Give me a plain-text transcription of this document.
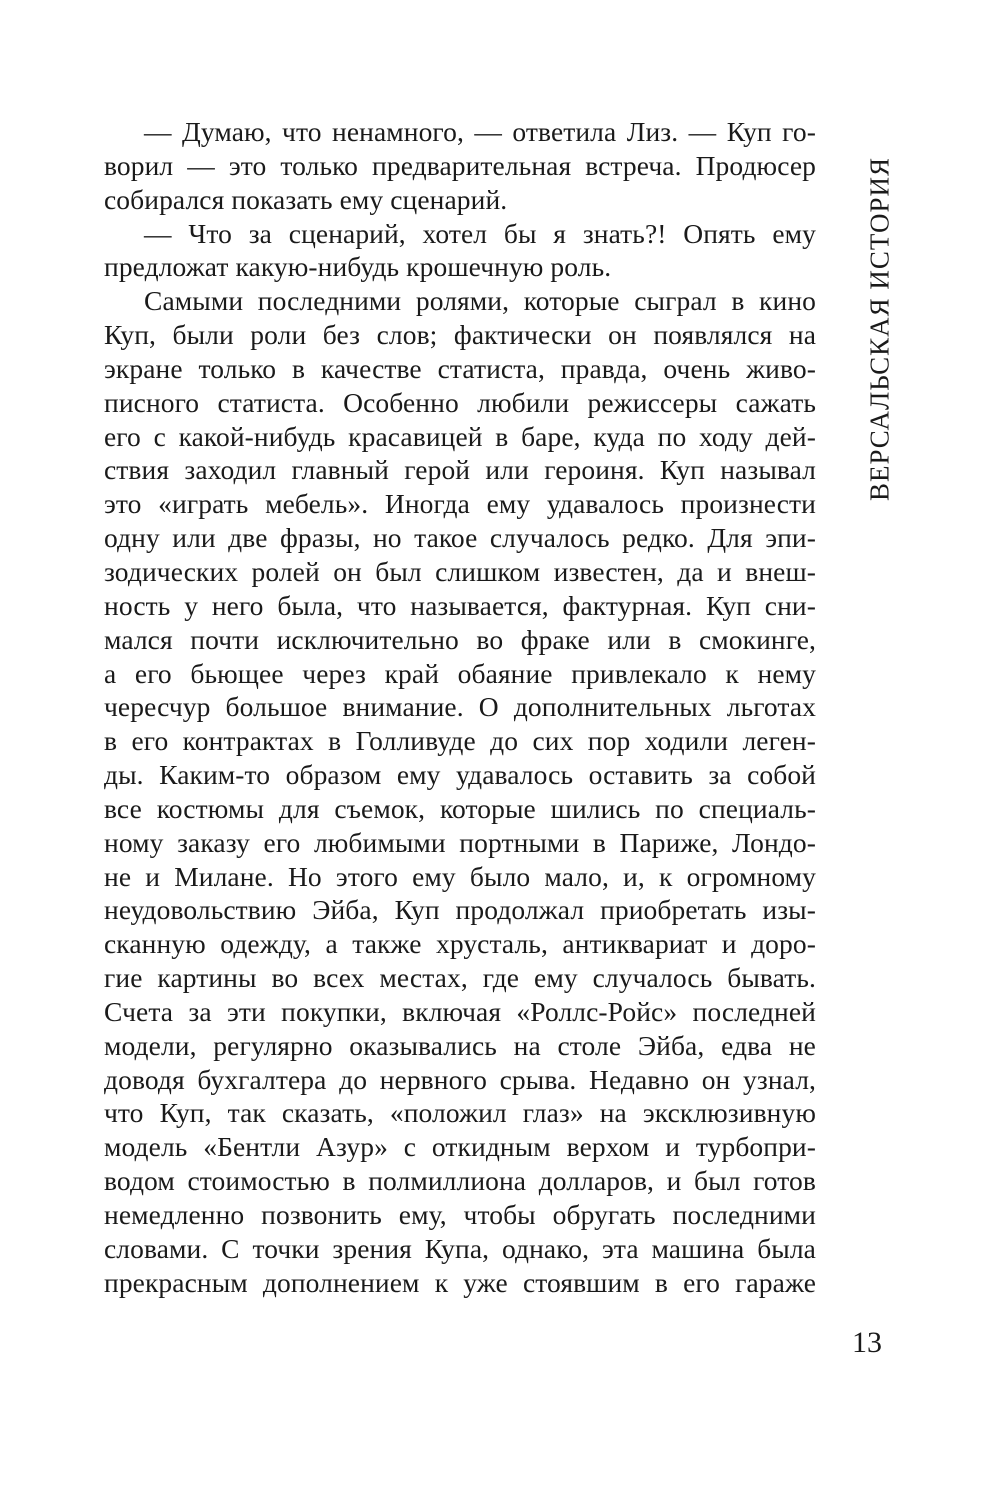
— Думаю, что ненамного, — ответила Лиз. — Куп го-
ворил — это только предварительная встреча. Продюсер
собирался показать ему сценарий.
— Что за сценарий, хотел бы я знать?! Опять ему
предложат какую-нибудь крошечную роль.
Самыми последними ролями, которые сыграл в кино
Куп, были роли без слов; фактически он появлялся на
экране только в качестве статиста, правда, очень живо-
писного статиста. Особенно любили режиссеры сажать
его с какой-нибудь красавицей в баре, куда по ходу дей-
ствия заходил главный герой или героиня. Куп называл
это «играть мебель». Иногда ему удавалось произнести
одну или две фразы, но такое случалось редко. Для эпи-
зодических ролей он был слишком известен, да и внеш-
ность у него была, что называется, фактурная. Куп сни-
мался почти исключительно во фраке или в смокинге,
а его бьющее через край обаяние привлекало к нему
чересчур большое внимание. О дополнительных льготах
в его контрактах в Голливуде до сих пор ходили леген-
ды. Каким-то образом ему удавалось оставить за собой
все костюмы для съемок, которые шились по специаль-
ному заказу его любимыми портными в Париже, Лондо-
не и Милане. Но этого ему было мало, и, к огромному
неудовольствию Эйба, Куп продолжал приобретать изы-
сканную одежду, а также хрусталь, антиквариат и доро-
гие картины во всех местах, где ему случалось бывать.
Счета за эти покупки, включая «Роллс-Ройс» последней
модели, регулярно оказывались на столе Эйба, едва не
доводя бухгалтера до нервного срыва. Недавно он узнал,
что Куп, так сказать, «положил глаз» на эксклюзивную
модель «Бентли Азур» с откидным верхом и турбопри-
водом стоимостью в полмиллиона долларов, и был готов
немедленно позвонить ему, чтобы обругать последними
словами. С точки зрения Купа, однако, эта машина была
прекрасным дополнением к уже стоявшим в его гараже
ВЕРСАЛЬСКАЯ ИСТОРИЯ
13
